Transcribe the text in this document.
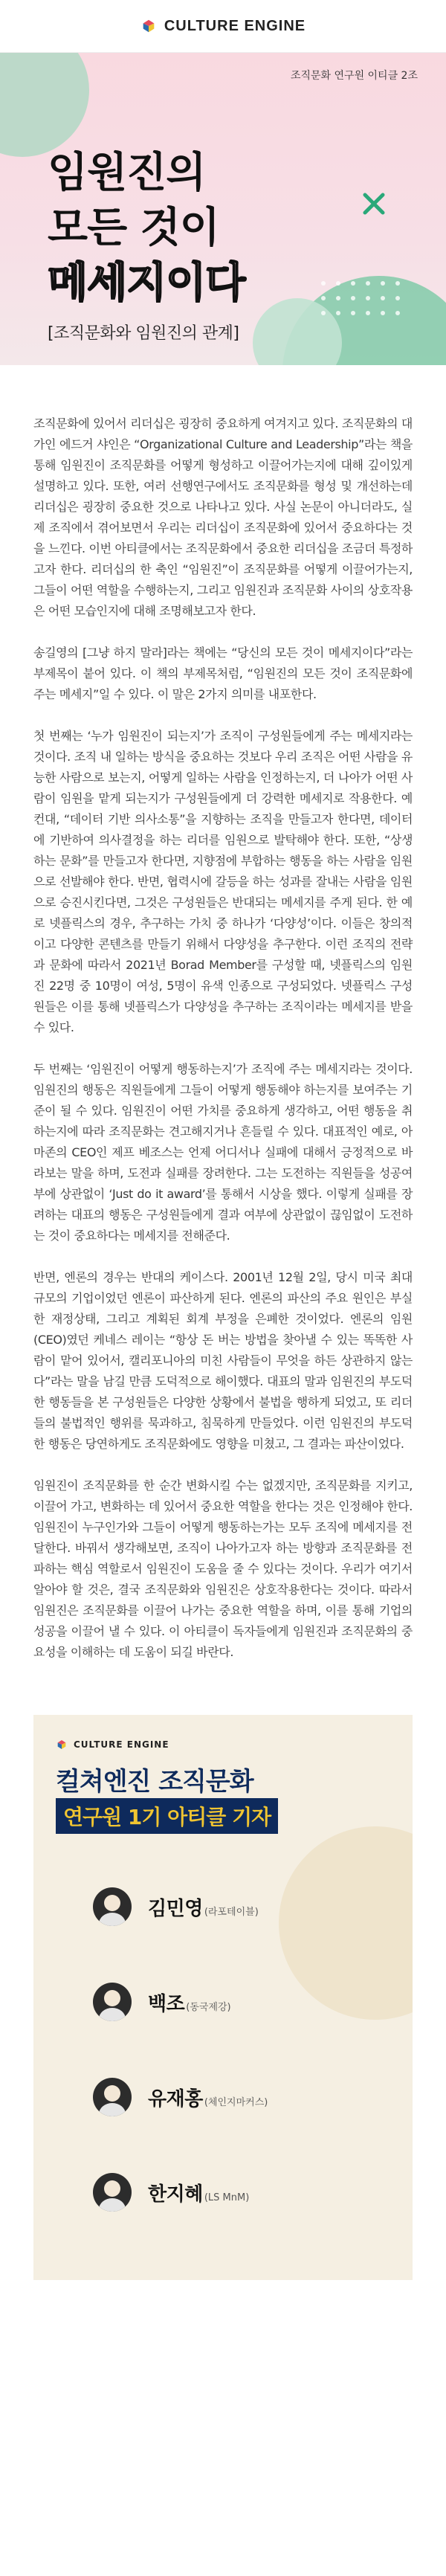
CULTURE ENGINE
조직문화 연구원 이티클 2조
임원진의
모든 것이
메세지이다
[조직문화와 임원진의 관계]

조직문화에 있어서 리더십은 굉장히 중요하게 여겨지고 있다. 조직문화의 대가인 에드거 샤인은 “Organizational Culture and Leadership”라는 책을 통해 임원진이 조직문화를 어떻게 형성하고 이끌어가는지에 대해 깊이있게 설명하고 있다. 또한, 여러 선행연구에서도 조직문화를 형성 및 개선하는데 리더십은 굉장히 중요한 것으로 나타나고 있다. 사실 논문이 아니더라도, 실제 조직에서 겪어보면서 우리는 리더십이 조직문화에 있어서 중요하다는 것을 느낀다. 이번 아티클에서는 조직문화에서 중요한 리더십을 조금더 특정하고자 한다. 리더십의 한 축인 “임원진”이 조직문화를 어떻게 이끌어가는지, 그들이 어떤 역할을 수행하는지, 그리고 임원진과 조직문화 사이의 상호작용은 어떤 모습인지에 대해 조명해보고자 한다.

송길영의 [그냥 하지 말라]라는 책에는 “당신의 모든 것이 메세지이다”라는 부제목이 붙어 있다. 이 책의 부제목처럼, “임원진의 모든 것이 조직문화에 주는 메세지”일 수 있다. 이 말은 2가지 의미를 내포한다.

첫 번째는 ‘누가 임원진이 되는지’가 조직이 구성원들에게 주는 메세지라는 것이다. 조직 내 일하는 방식을 중요하는 것보다 우리 조직은 어떤 사람을 유능한 사람으로 보는지, 어떻게 일하는 사람을 인정하는지, 더 나아가 어떤 사람이 임원을 맡게 되는지가 구성원들에게 더 강력한 메세지로 작용한다. 예컨대, “데이터 기반 의사소통”을 지향하는 조직을 만들고자 한다면, 데이터에 기반하여 의사결정을 하는 리더를 임원으로 발탁해야 한다. 또한, “상생하는 문화”를 만들고자 한다면, 지향점에 부합하는 행동을 하는 사람을 임원으로 선발해야 한다. 반면, 협력시에 갈등을 하는 성과를 잘내는 사람을 임원으로 승진시킨다면, 그것은 구성원들은 반대되는 메세지를 주게 된다. 한 예로 넷플릭스의 경우, 추구하는 가치 중 하나가 ‘다양성’이다. 이들은 창의적이고 다양한 콘텐츠를 만들기 위해서 다양성을 추구한다. 이런 조직의 전략과 문화에 따라서 2021년 Borad Member를 구성할 때, 넷플릭스의 임원진 22명 중 10명이 여성, 5명이 유색 인종으로 구성되었다. 넷플릭스 구성원들은 이를 통해 넷플릭스가 다양성을 추구하는 조직이라는 메세지를 받을 수 있다.

두 번째는 ‘임원진이 어떻게 행동하는지’가 조직에 주는 메세지라는 것이다. 임원진의 행동은 직원들에게 그들이 어떻게 행동해야 하는지를 보여주는 기준이 될 수 있다. 임원진이 어떤 가치를 중요하게 생각하고, 어떤 행동을 취하는지에 따라 조직문화는 견고해지거나 흔들릴 수 있다. 대표적인 예로, 아마존의 CEO인 제프 베조스는 언제 어디서나 실패에 대해서 긍정적으로 바라보는 말을 하며, 도전과 실패를 장려한다. 그는 도전하는 직원들을 성공여부에 상관없이 ‘Just do it award’를 통해서 시상을 했다. 이렇게 실패를 장려하는 대표의 행동은 구성원들에게 결과 여부에 상관없이 끊임없이 도전하는 것이 중요하다는 메세지를 전해준다.

반면, 엔론의 경우는 반대의 케이스다. 2001년 12월 2일, 당시 미국 최대 규모의 기업이었던 엔론이 파산하게 된다. 엔론의 파산의 주요 원인은 부실한 재정상태, 그리고 계획된 회계 부정을 은폐한 것이었다. 엔론의 임원(CEO)였던 케네스 레이는 “항상 돈 버는 방법을 찾아낼 수 있는 똑똑한 사람이 맡어 있어서, 캘리포니아의 미친 사람들이 무엇을 하든 상관하지 않는다”라는 말을 남길 만큼 도덕적으로 해이했다. 대표의 말과 임원진의 부도덕한 행동들을 본 구성원들은 다양한 상황에서 불법을 행하게 되었고, 또 리더들의 불법적인 행위를 묵과하고, 침묵하게 만들었다. 이런 임원진의 부도덕한 행동은 당연하게도 조직문화에도 영향을 미쳤고, 그 결과는 파산이었다.

임원진이 조직문화를 한 순간 변화시킬 수는 없겠지만, 조직문화를 지키고, 이끌어 가고, 변화하는 데 있어서 중요한 역할을 한다는 것은 인정해야 한다. 임원진이 누구인가와 그들이 어떻게 행동하는가는 모두 조직에 메세지를 전달한다. 바꿔서 생각해보면, 조직이 나아가고자 하는 방향과 조직문화를 전파하는 핵심 역할로서 임원진이 도움을 줄 수 있다는 것이다. 우리가 여기서 알아야 할 것은, 결국 조직문화와 임원진은 상호작용한다는 것이다. 따라서 임원진은 조직문화를 이끌어 나가는 중요한 역할을 하며, 이를 통해 기업의 성공을 이끌어 낼 수 있다. 이 아티클이 독자들에게 임원진과 조직문화의 중요성을 이해하는 데 도움이 되길 바란다.

CULTURE ENGINE
컬쳐엔진 조직문화
연구원 1기 아티클 기자
김민영 (라포테이블)
백조 (동국제강)
유재홍 (체인지마커스)
한지혜 (LS MnM)
